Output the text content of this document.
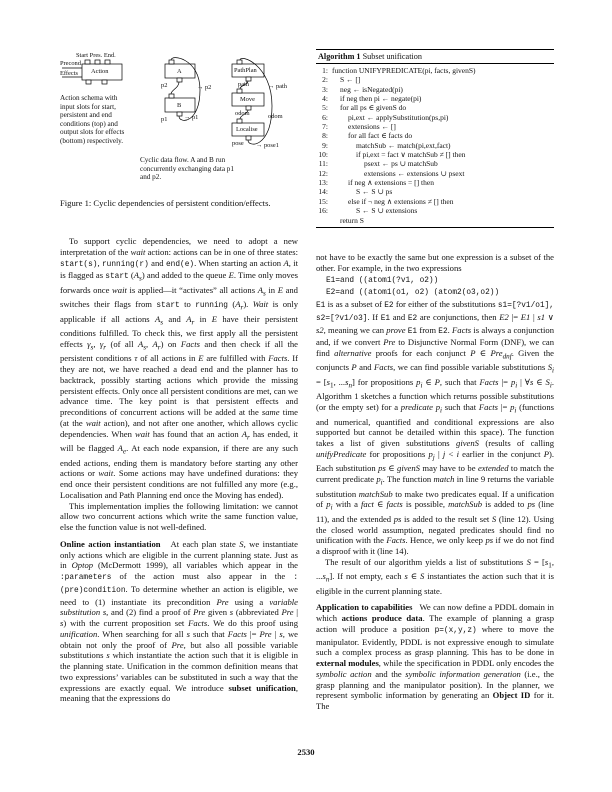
Start Pres. End.
Precond.
Effects Action	A
B
p2	→ p2
p1	→ p1
PathPlan
path	→ path
Move
odom	odom
Localise
pose → pose1
Action schema with input slots for start, persistent and end conditions (top) and output slots for effects (bottom) respectively.
Cyclic data flow. A and B run concurrently exchanging data p1 and p2.
Figure 1: Cyclic dependencies of persistent condition/effects.
Algorithm 1 Subset unification
1: function UNIFYPREDICATE(pi, facts, givenS)
2: S ← []
3: neg ← isNegated(pi)
4: if neg then pi ← negate(pi)
5: for all ps ∈ givenS do
6:	pi,ext ← applySubstitution(ps,pi)
7:	extensions ← []
8:	for all fact ∈ facts do
9:	matchSub ← match(pi,ext,fact)
10:	if pi,ext = fact ∨ matchSub ≠ [] then
11:	psext ← ps ∪ matchSub
12:	extensions ← extensions ∪ psext
13:	if neg ∧ extensions = [] then
14:	S ← S ∪ ps
15:	else if ¬ neg ∧ extensions ≠ [] then
16:	S ← S ∪ extensions
return S

To support cyclic dependencies, we need to adopt a new interpretation of the wait action: actions can be in one of three states: start(s), running(r) and end(e). When starting an action A, it is flagged as start $(A_s)$ and added to the queue E. Time only moves forwards once wait is applied—it “activates” all actions $A_s$ in E and switches their flags from start to running $(A_r)$. Wait is only applicable if all actions $A_s$ and $A_r$ in E have their persistent conditions fulfilled. To check this, we first apply all the persistent effects $\gamma_s$, $\gamma_r$ (of all $A_s$, $A_r$) on Facts and then check if all the persistent conditions τ of all actions in E are fulfilled with Facts. If they are not, we have reached a dead end and the planner has to backtrack, possibly starting actions which provide the missing persistent effects. Only once all persistent conditions are met, can we advance time. The key point is that persistent effects and preconditions of concurrent actions will be added at the same time (at the wait action), and not after one another, which allows cyclic dependencies. When wait has found that an action $A_r$ has ended, it will be flagged $A_e$. At each node expansion, if there are any such ended actions, ending them is mandatory before starting any other actions or wait. Some actions may have undefined durations: they end once their persistent conditions are not fulfilled any more (e.g., Localisation and Path Planning end once the Moving has ended).

This implementation implies the following limitation: we cannot allow two concurrent actions which write the same function value, else the function value is not well-defined.

Online action instantiation   At each plan state S, we instantiate only actions which are eligible in the current planning state. Just as in Optop (McDermott 1999), all variables which appear in the :parameters of the action must also appear in the :(pre)condition. To determine whether an action is eligible, we need to (1) instantiate its precondition Pre using a variable substitution s, and (2) find a proof of Pre given s (abbreviated Pre | s) with the current proposition set Facts. We do this proof using unification. When searching for all s such that Facts |= Pre | s, we obtain not only the proof of Pre, but also all possible variable substitutions s which instantiate the action such that it is eligible in the planning state. Unification in the common definition means that two expressions’ variables can be substituted in such a way that the expressions are exactly equal. We introduce subset unification, meaning that the expressions do

not have to be exactly the same but one expression is a subset of the other. For example, in the two expressions

E1=and ((atom1(?v1, o2))

E2=and ((atom1(o1, o2) (atom2(o3,o2))

E1 is as a subset of E2 for either of the substitutions s1=[?v1/o1], s2=[?v1/o3]. If E1 and E2 are conjunctions, then E2 |= E1 | s1 ∨ s2, meaning we can prove E1 from E2. Facts is always a conjunction and, if we convert Pre to Disjunctive Normal Form (DNF), we can find alternative proofs for each conjunct P ∈ Pre$_{dnf}$. Given the conjuncts P and Facts, we can find possible variable substitutions $S_i = [s_1$, $...s_n$] for propositions $p_i$ ∈ P, such that Facts |= $p_i$ | ∀s ∈ $S_i$. Algorithm 1 sketches a function which returns possible substitutions (or the empty set) for a predicate $p_i$ such that Facts |= $p_i$ (functions and numerical, quantified and conditional expressions are also supported but cannot be detailed within this space). The function takes a list of given substitutions givenS (results of calling unifyPredicate for propositions $p_j$ | j < i earlier in the conjunct P). Each substitution ps ∈ givenS may have to be extended to match the current predicate $p_i$. The function match in line 9 returns the variable substitution matchSub to make two predicates equal. If a unification of $p_i$ with a fact ∈ facts is possible, matchSub is added to ps (line 11), and the extended ps is added to the result set S (line 12). Using the closed world assumption, negated predicates should find no unification with the Facts. Hence, we only keep ps if we do not find a disproof with it (line 14).

The result of our algorithm yields a list of substitutions $S = [s_1$, $...s_n$]. If not empty, each s ∈ S instantiates the action such that it is eligible in the current planning state.

Application to capabilities   We can now define a PDDL domain in which actions produce data. The example of planning a grasp action will produce a position p=(x,y,z) where to move the manipulator. Evidently, PDDL is not expressive enough to simulate such a complex process as grasp planning. This has to be done in external modules, while the specification in PDDL only encodes the symbolic action and the symbolic information generation (i.e., the grasp planning and the manipulator position). In the planner, we represent symbolic information by generating an Object ID for it. The

2530
